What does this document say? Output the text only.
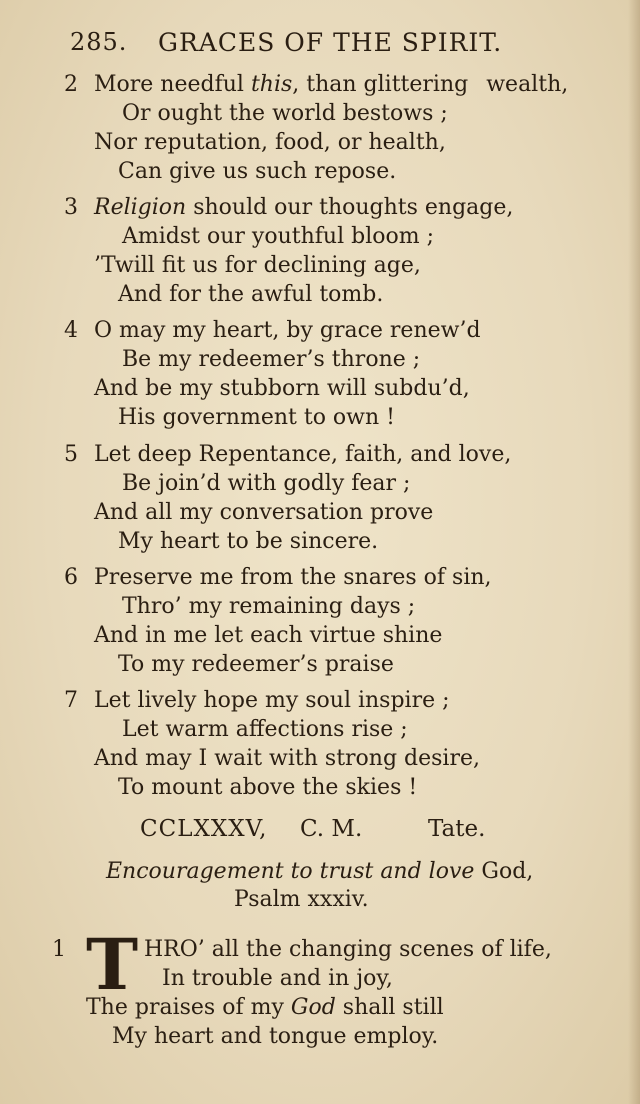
285. GRACES OF THE SPIRIT.
2 More needful this, than glittering wealth,
Or ought the world bestows ;
Nor reputation, food, or health,
Can give us such repose.
3 Religion should our thoughts engage,
Amidst our youthful bloom ;
’Twill fit us for declining age,
And for the awful tomb.
4 O may my heart, by grace renew’d
Be my redeemer’s throne ;
And be my stubborn will subdu’d,
His government to own !
5 Let deep Repentance, faith, and love,
Be join’d with godly fear ;
And all my conversation prove
My heart to be sincere.
6 Preserve me from the snares of sin,
Thro’ my remaining days ;
And in me let each virtue shine
To my redeemer’s praise
7 Let lively hope my soul inspire ;
Let warm affections rise ;
And may I wait with strong desire,
To mount above the skies !
CCLXXXV, C. M.	Tate.
Encouragement to trust and love God,
Psalm xxxiv.
1 T HRO’ all the changing scenes of life,
In trouble and in joy,
The praises of my God shall still
My heart and tongue employ.
